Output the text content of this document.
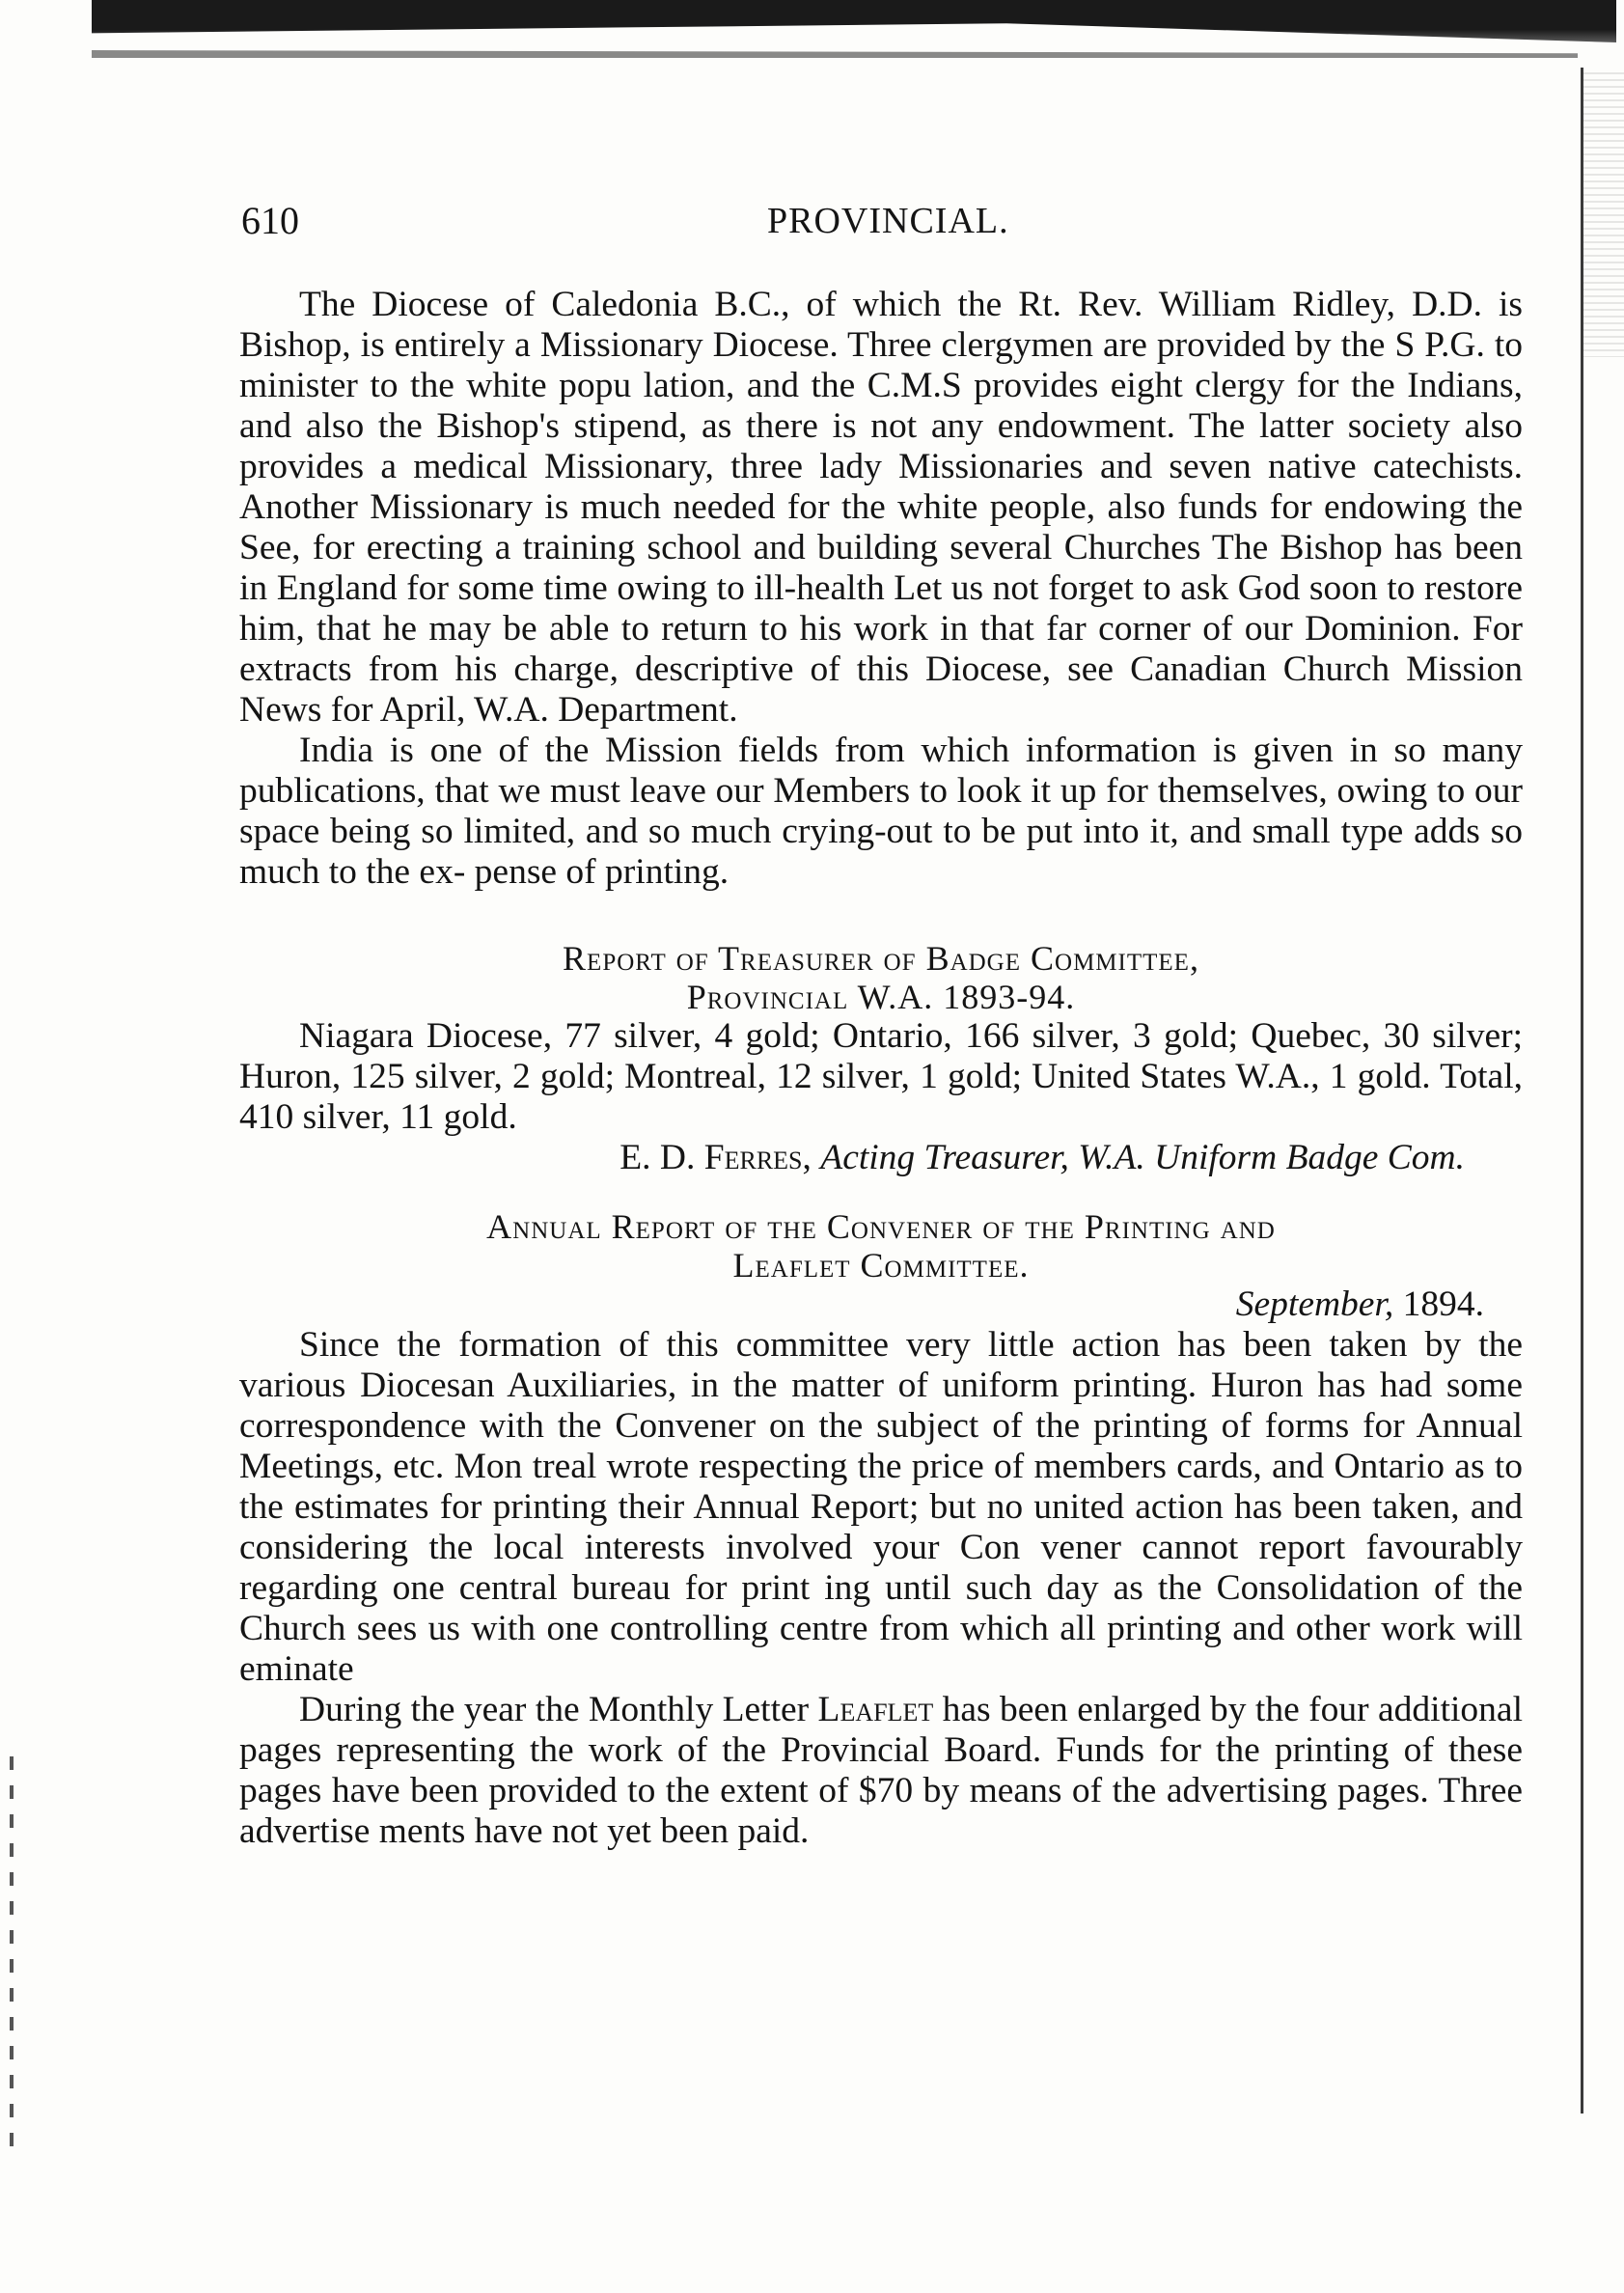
610	PROVINCIAL.

The Diocese of Caledonia B.C., of which the Rt. Rev. William Ridley, D.D. is Bishop, is entirely a Missionary Diocese. Three clergymen are provided by the S P.G. to minister to the white popu lation, and the C.M.S provides eight clergy for the Indians, and also the Bishop's stipend, as there is not any endowment. The latter society also provides a medical Missionary, three lady Missionaries and seven native catechists. Another Missionary is much needed for the white people, also funds for endowing the See, for erecting a training school and building several Churches The Bishop has been in England for some time owing to ill-health Let us not forget to ask God soon to restore him, that he may be able to return to his work in that far corner of our Dominion. For extracts from his charge, descriptive of this Diocese, see Canadian Church Mission News for April, W.A. Department.

India is one of the Mission fields from which information is given in so many publications, that we must leave our Members to look it up for themselves, owing to our space being so limited, and so much crying-out to be put into it, and small type adds so much to the ex- pense of printing.

Report of Treasurer of Badge Committee,
Provincial W.A. 1893-94.

Niagara Diocese, 77 silver, 4 gold; Ontario, 166 silver, 3 gold; Quebec, 30 silver; Huron, 125 silver, 2 gold; Montreal, 12 silver, 1 gold; United States W.A., 1 gold. Total, 410 silver, 11 gold.

E. D. Ferres, Acting Treasurer, W.A. Uniform Badge Com.

Annual Report of the Convener of the Printing and
Leaflet Committee.

September, 1894.

Since the formation of this committee very little action has been taken by the various Diocesan Auxiliaries, in the matter of uniform printing. Huron has had some correspondence with the Convener on the subject of the printing of forms for Annual Meetings, etc. Mon treal wrote respecting the price of members cards, and Ontario as to the estimates for printing their Annual Report; but no united action has been taken, and considering the local interests involved your Con vener cannot report favourably regarding one central bureau for print ing until such day as the Consolidation of the Church sees us with one controlling centre from which all printing and other work will eminate

During the year the Monthly Letter Leaflet has been enlarged by the four additional pages representing the work of the Provincial Board. Funds for the printing of these pages have been provided to the extent of $70 by means of the advertising pages. Three advertise ments have not yet been paid.
